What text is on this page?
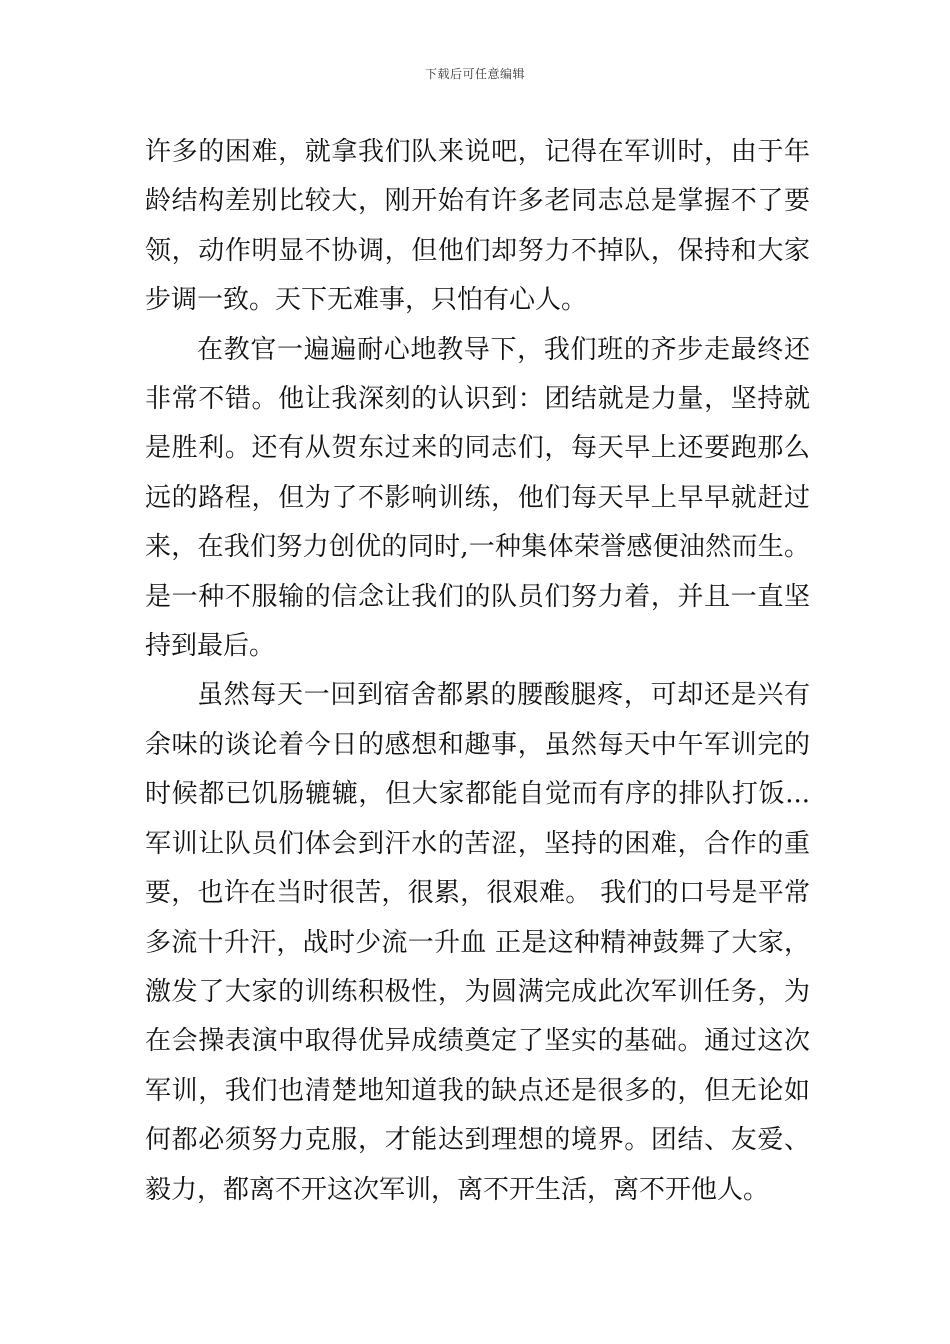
下载后可任意编辑

许多的困难，就拿我们队来说吧，记得在军训时，由于年龄结构差别比较大，刚开始有许多老同志总是掌握不了要领，动作明显不协调，但他们却努力不掉队，保持和大家步调一致。天下无难事，只怕有心人。

在教官一遍遍耐心地教导下，我们班的齐步走最终还非常不错。他让我深刻的认识到：团结就是力量，坚持就是胜利。还有从贺东过来的同志们，每天早上还要跑那么远的路程，但为了不影响训练，他们每天早上早早就赶过来，在我们努力创优的同时,一种集体荣誉感便油然而生。是一种不服输的信念让我们的队员们努力着，并且一直坚持到最后。

虽然每天一回到宿舍都累的腰酸腿疼，可却还是兴有余味的谈论着今日的感想和趣事，虽然每天中午军训完的时候都已饥肠辘辘，但大家都能自觉而有序的排队打饭...军训让队员们体会到汗水的苦涩，坚持的困难，合作的重要，也许在当时很苦，很累，很艰难。 我们的口号是平常多流十升汗，战时少流一升血 正是这种精神鼓舞了大家，激发了大家的训练积极性，为圆满完成此次军训任务，为在会操表演中取得优异成绩奠定了坚实的基础。通过这次军训，我们也清楚地知道我的缺点还是很多的，但无论如何都必须努力克服，才能达到理想的境界。团结、友爱、毅力，都离不开这次军训，离不开生活，离不开他人。
